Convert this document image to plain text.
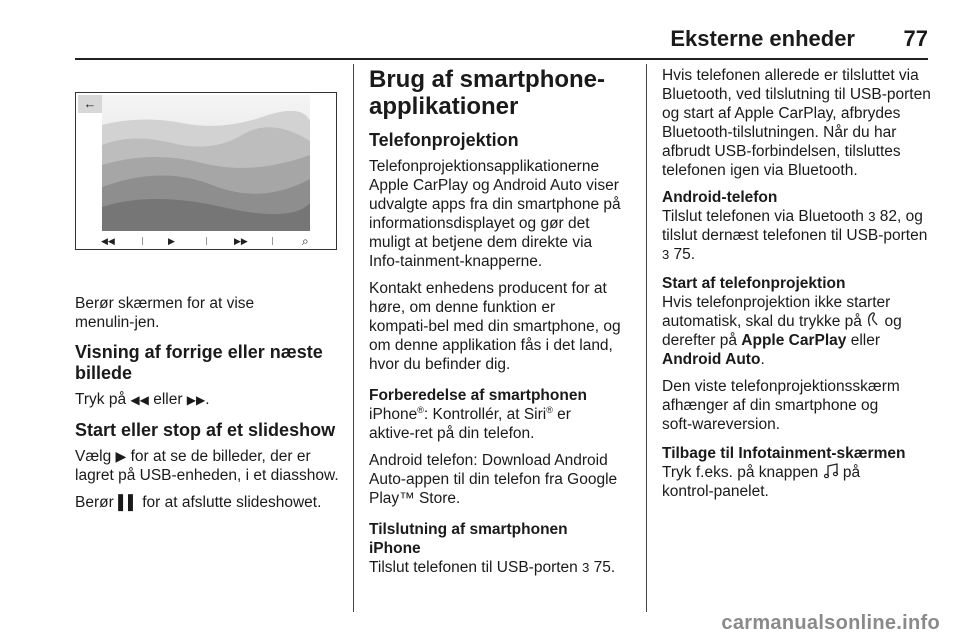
Eksterne enheder	77
←
◀◀	▶	▶▶	⌕

Berør skærmen for at vise menulin‑jen.

Visning af forrige eller næste billede

Tryk på ◀◀ eller ▶▶.

Start eller stop af et slideshow

Vælg ▶ for at se de billeder, der er lagret på USB-enheden, i et diasshow.

Berør ▌▌ for at afslutte slideshowet.

Brug af smartphone-applikationer
Telefonprojektion

Telefonprojektionsapplikationerne Apple CarPlay og Android Auto viser udvalgte apps fra din smartphone på informationsdisplayet og gør det muligt at betjene dem direkte via Info‑tainment-knapperne.

Kontakt enhedens producent for at høre, om denne funktion er kompati‑bel med din smartphone, og om denne applikation fås i det land, hvor du befinder dig.

Forberedelse af smartphonen

iPhone®: Kontrollér, at Siri® er aktive‑ret på din telefon.

Android telefon: Download Android Auto-appen til din telefon fra Google Play™ Store.

Tilslutning af smartphonen
iPhone

Tilslut telefonen til USB-porten 3 75.

Hvis telefonen allerede er tilsluttet via Bluetooth, ved tilslutning til USB-porten og start af Apple CarPlay, afbrydes Bluetooth-tilslutningen. Når du har afbrudt USB-forbindelsen, tilsluttes telefonen igen via Bluetooth.

Android-telefon

Tilslut telefonen via Bluetooth 3 82, og tilslut dernæst telefonen til USB-porten 3 75.

Start af telefonprojektion

Hvis telefonprojektion ikke starter automatisk, skal du trykke på  og derefter på Apple CarPlay eller Android Auto.

Den viste telefonprojektionsskærm afhænger af din smartphone og soft‑wareversion.

Tilbage til Infotainment-skærmen

Tryk f.eks. på knappen  på kontrol‑panelet.

carmanualsonline.info
